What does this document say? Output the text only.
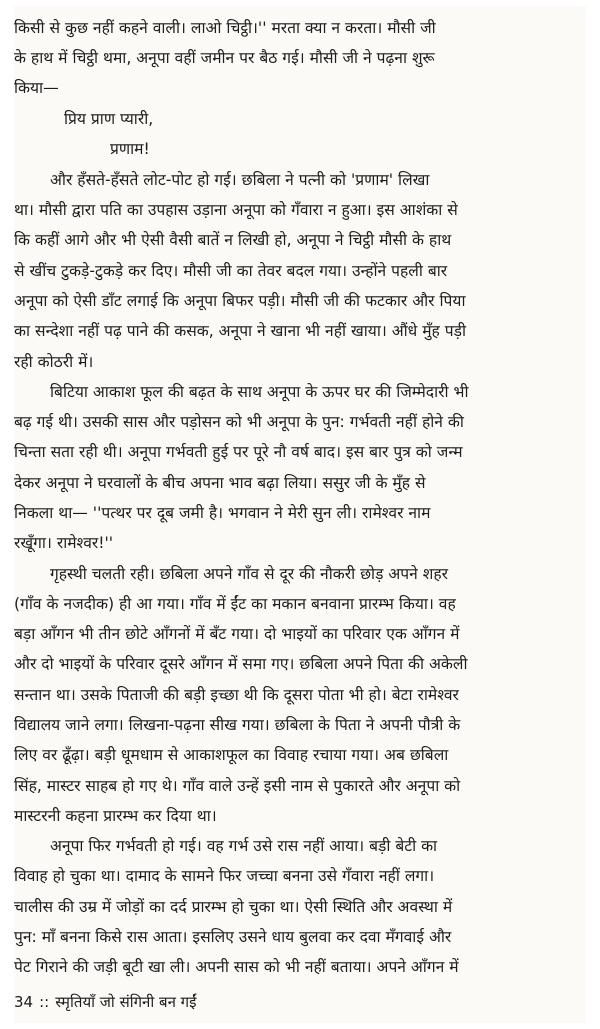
किसी से कुछ नहीं कहने वाली। लाओ चिट्ठी।'' मरता क्या न करता। मौसी जी
के हाथ में चिट्ठी थमा, अनूपा वहीं जमीन पर बैठ गई। मौसी जी ने पढ़ना शुरू
किया—
प्रिय प्राण प्यारी,
प्रणाम!
और हँसते-हँसते लोट-पोट हो गई। छबिला ने पत्नी को 'प्रणाम' लिखा
था। मौसी द्वारा पति का उपहास उड़ाना अनूपा को गँवारा न हुआ। इस आशंका से
कि कहीं आगे और भी ऐसी वैसी बातें न लिखी हो, अनूपा ने चिट्ठी मौसी के हाथ
से खींच टुकड़े-टुकड़े कर दिए। मौसी जी का तेवर बदल गया। उन्होंने पहली बार
अनूपा को ऐसी डाँट लगाई कि अनूपा बिफर पड़ी। मौसी जी की फटकार और पिया
का सन्देशा नहीं पढ़ पाने की कसक, अनूपा ने खाना भी नहीं खाया। औंधे मुँह पड़ी
रही कोठरी में।
बिटिया आकाश फूल की बढ़त के साथ अनूपा के ऊपर घर की जिम्मेदारी भी
बढ़ गई थी। उसकी सास और पड़ोसन को भी अनूपा के पुन: गर्भवती नहीं होने की
चिन्ता सता रही थी। अनूपा गर्भवती हुई पर पूरे नौ वर्ष बाद। इस बार पुत्र को जन्म
देकर अनूपा ने घरवालों के बीच अपना भाव बढ़ा लिया। ससुर जी के मुँह से
निकला था— ''पत्थर पर दूब जमी है। भगवान ने मेरी सुन ली। रामेश्वर नाम
रखूँगा। रामेश्वर!''
गृहस्थी चलती रही। छबिला अपने गाँव से दूर की नौकरी छोड़ अपने शहर
(गाँव के नजदीक) ही आ गया। गाँव में ईंट का मकान बनवाना प्रारम्भ किया। वह
बड़ा आँगन भी तीन छोटे आँगनों में बँट गया। दो भाइयों का परिवार एक आँगन में
और दो भाइयों के परिवार दूसरे आँगन में समा गए। छबिला अपने पिता की अकेली
सन्तान था। उसके पिताजी की बड़ी इच्छा थी कि दूसरा पोता भी हो। बेटा रामेश्वर
विद्यालय जाने लगा। लिखना-पढ़ना सीख गया। छबिला के पिता ने अपनी पौत्री के
लिए वर ढूँढ़ा। बड़ी धूमधाम से आकाशफूल का विवाह रचाया गया। अब छबिला
सिंह, मास्टर साहब हो गए थे। गाँव वाले उन्हें इसी नाम से पुकारते और अनूपा को
मास्टरनी कहना प्रारम्भ कर दिया था।
अनूपा फिर गर्भवती हो गई। वह गर्भ उसे रास नहीं आया। बड़ी बेटी का
विवाह हो चुका था। दामाद के सामने फिर जच्चा बनना उसे गँवारा नहीं लगा।
चालीस की उम्र में जोड़ों का दर्द प्रारम्भ हो चुका था। ऐसी स्थिति और अवस्था में
पुन: माँ बनना किसे रास आता। इसलिए उसने धाय बुलवा कर दवा मँगवाई और
पेट गिराने की जड़ी बूटी खा ली। अपनी सास को भी नहीं बताया। अपने आँगन में
34 :: स्मृतियाँ जो संगिनी बन गईं
